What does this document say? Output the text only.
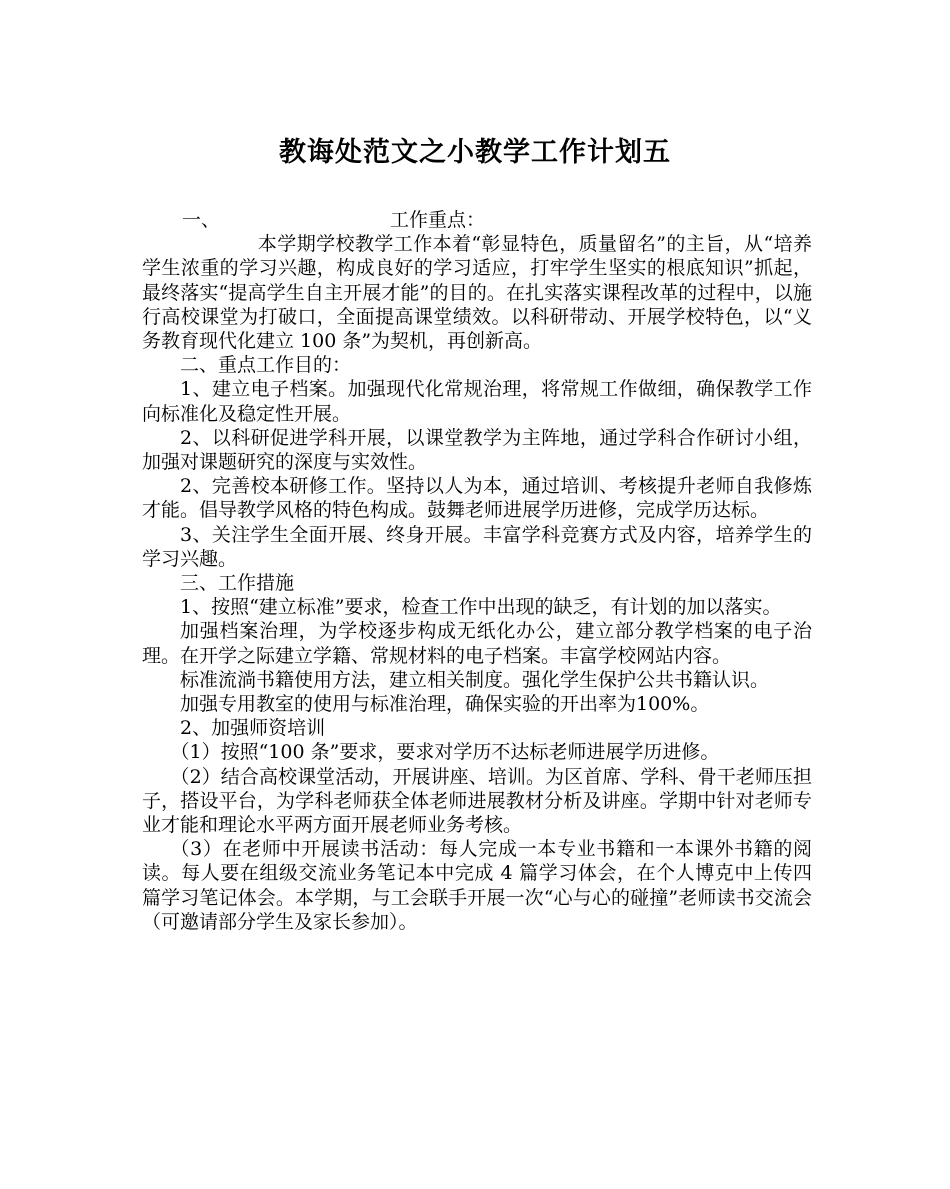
教诲处范文之小教学工作计划五
一、	工作重点：

本学期学校教学工作本着“彰显特色，质量留名”的主旨，从“培养学生浓重的学习兴趣，构成良好的学习适应，打牢学生坚实的根底知识”抓起，最终落实“提高学生自主开展才能”的目的。在扎实落实课程改革的过程中，以施行高校课堂为打破口，全面提高课堂绩效。以科研带动、开展学校特色，以“义务教育现代化建立 100 条”为契机，再创新高。

二、重点工作目的：

1、建立电子档案。加强现代化常规治理，将常规工作做细，确保教学工作向标准化及稳定性开展。

2、以科研促进学科开展，以课堂教学为主阵地，通过学科合作研讨小组，加强对课题研究的深度与实效性。

2、完善校本研修工作。坚持以人为本，通过培训、考核提升老师自我修炼才能。倡导教学风格的特色构成。鼓舞老师进展学历进修，完成学历达标。

3、关注学生全面开展、终身开展。丰富学科竞赛方式及内容，培养学生的学习兴趣。

三、工作措施

1、按照“建立标准”要求，检查工作中出现的缺乏，有计划的加以落实。

加强档案治理，为学校逐步构成无纸化办公，建立部分教学档案的电子治理。在开学之际建立学籍、常规材料的电子档案。丰富学校网站内容。

标准流淌书籍使用方法，建立相关制度。强化学生保护公共书籍认识。

加强专用教室的使用与标准治理，确保实验的开出率为100%。

2、加强师资培训

（1）按照“100 条”要求，要求对学历不达标老师进展学历进修。

（2）结合高校课堂活动，开展讲座、培训。为区首席、学科、骨干老师压担子，搭设平台，为学科老师获全体老师进展教材分析及讲座。学期中针对老师专业才能和理论水平两方面开展老师业务考核。

（3）在老师中开展读书活动：每人完成一本专业书籍和一本课外书籍的阅读。每人要在组级交流业务笔记本中完成 4 篇学习体会，在个人博克中上传四篇学习笔记体会。本学期，与工会联手开展一次“心与心的碰撞”老师读书交流会（可邀请部分学生及家长参加）。
